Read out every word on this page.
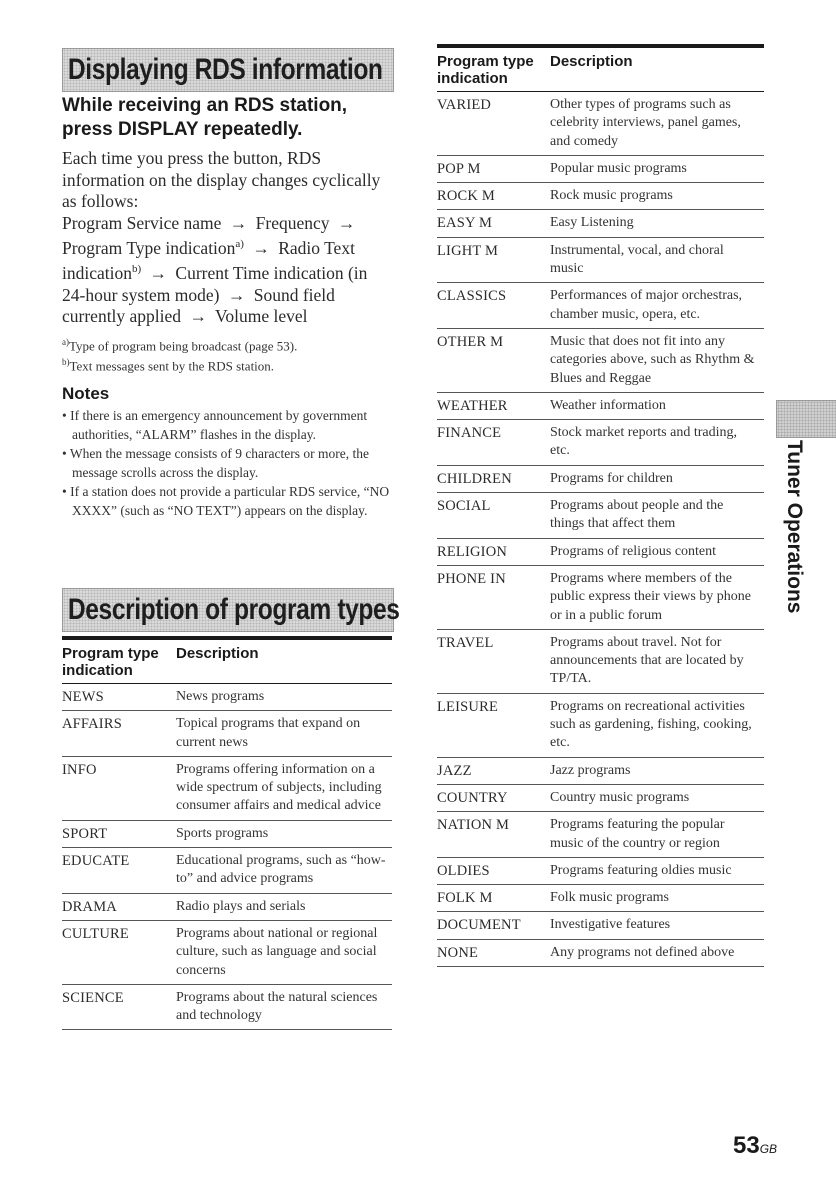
Displaying RDS information
While receiving an RDS station, press DISPLAY repeatedly.
Each time you press the button, RDS information on the display changes cyclically as follows:
Program Service name → Frequency → Program Type indication$^{a)}$ → Radio Text indication$^{b)}$ → Current Time indication (in 24-hour system mode) → Sound field currently applied → Volume level
$^{a)}$Type of program being broadcast (page 53).
$^{b)}$Text messages sent by the RDS station.
Notes

• If there is an emergency announcement by government authorities, “ALARM” flashes in the display.

• When the message consists of 9 characters or more, the message scrolls across the display.

• If a station does not provide a particular RDS service, “NO XXXX” (such as “NO TEXT”) appears on the display.

Description of program types
Program type indication
Description
NEWS	News programs
AFFAIRS	Topical programs that expand on current news
INFO	Programs offering information on a wide spectrum of subjects, including consumer affairs and medical advice
SPORT	Sports programs
EDUCATE	Educational programs, such as “how-to” and advice programs
DRAMA	Radio plays and serials
CULTURE	Programs about national or regional culture, such as language and social concerns
SCIENCE	Programs about the natural sciences and technology
Program type indication
Description
VARIED	Other types of programs such as celebrity interviews, panel games, and comedy
POP M	Popular music programs
ROCK M	Rock music programs
EASY M	Easy Listening
LIGHT M	Instrumental, vocal, and choral music
CLASSICS	Performances of major orchestras, chamber music, opera, etc.
OTHER M	Music that does not fit into any categories above, such as Rhythm & Blues and Reggae
WEATHER	Weather information
FINANCE	Stock market reports and trading, etc.
CHILDREN	Programs for children
SOCIAL	Programs about people and the things that affect them
RELIGION	Programs of religious content
PHONE IN	Programs where members of the public express their views by phone or in a public forum
TRAVEL	Programs about travel. Not for announcements that are located by TP/TA.
LEISURE	Programs on recreational activities such as gardening, fishing, cooking, etc.
JAZZ	Jazz programs
COUNTRY	Country music programs
NATION M	Programs featuring the popular music of the country or region
OLDIES	Programs featuring oldies music
FOLK M	Folk music programs
DOCUMENT	Investigative features
NONE	Any programs not defined above
Tuner Operations
53GB
